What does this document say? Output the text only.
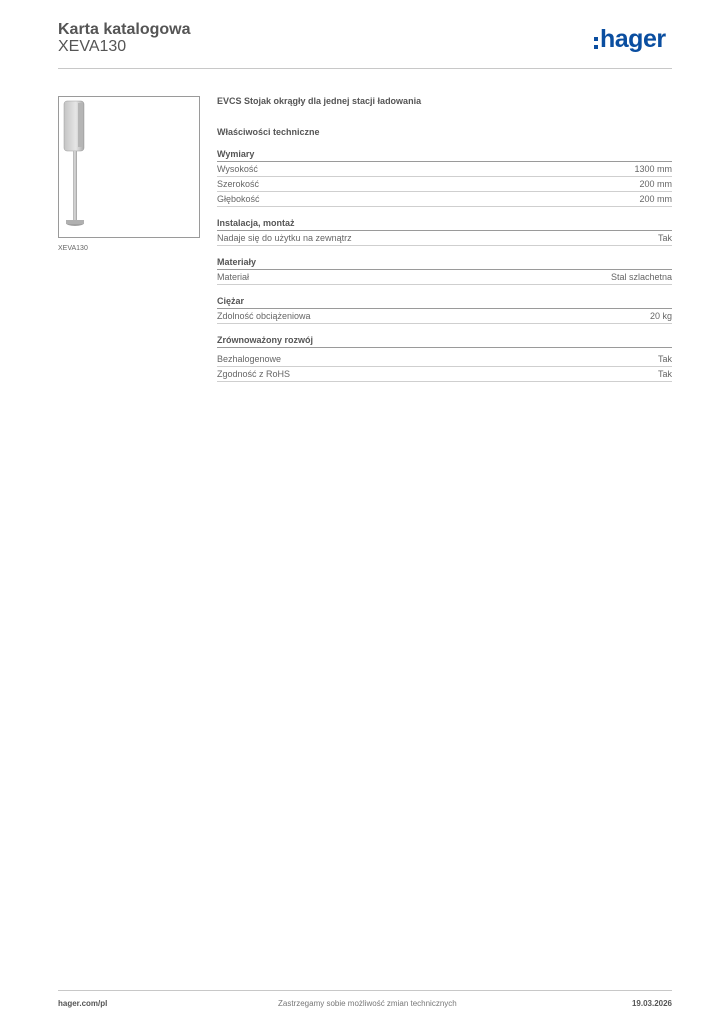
Karta katalogowa
XEVA130	hager
XEVA130
EVCS Stojak okrągły dla jednej stacji ładowania
Właściwości techniczne
Wymiary
Wysokość	1300 mm
Szerokość	200 mm
Głębokość	200 mm
Instalacja, montaż
Nadaje się do użytku na zewnątrz	Tak
Materiały
Materiał	Stal szlachetna
Ciężar
Zdolność obciążeniowa	20 kg
Zrównoważony rozwój
Bezhalogenowe	Tak
Zgodność z RoHS	Tak
hager.com/pl	Zastrzegamy sobie możliwość zmian technicznych	19.03.2026
